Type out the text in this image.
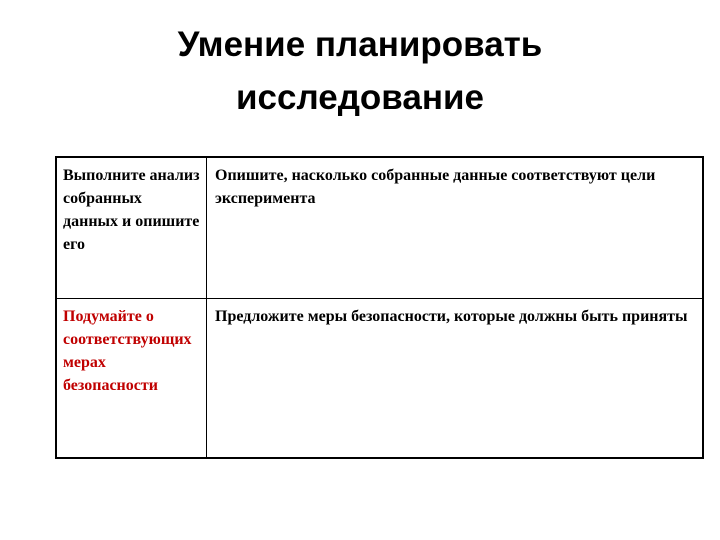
Умение планировать
исследование
Выполните анализ собранных данных и опишите его
Опишите, насколько собранные данные соответствуют цели эксперимента
Подумайте о соответствующих мерах безопасности
Предложите меры безопасности, которые должны быть приняты
